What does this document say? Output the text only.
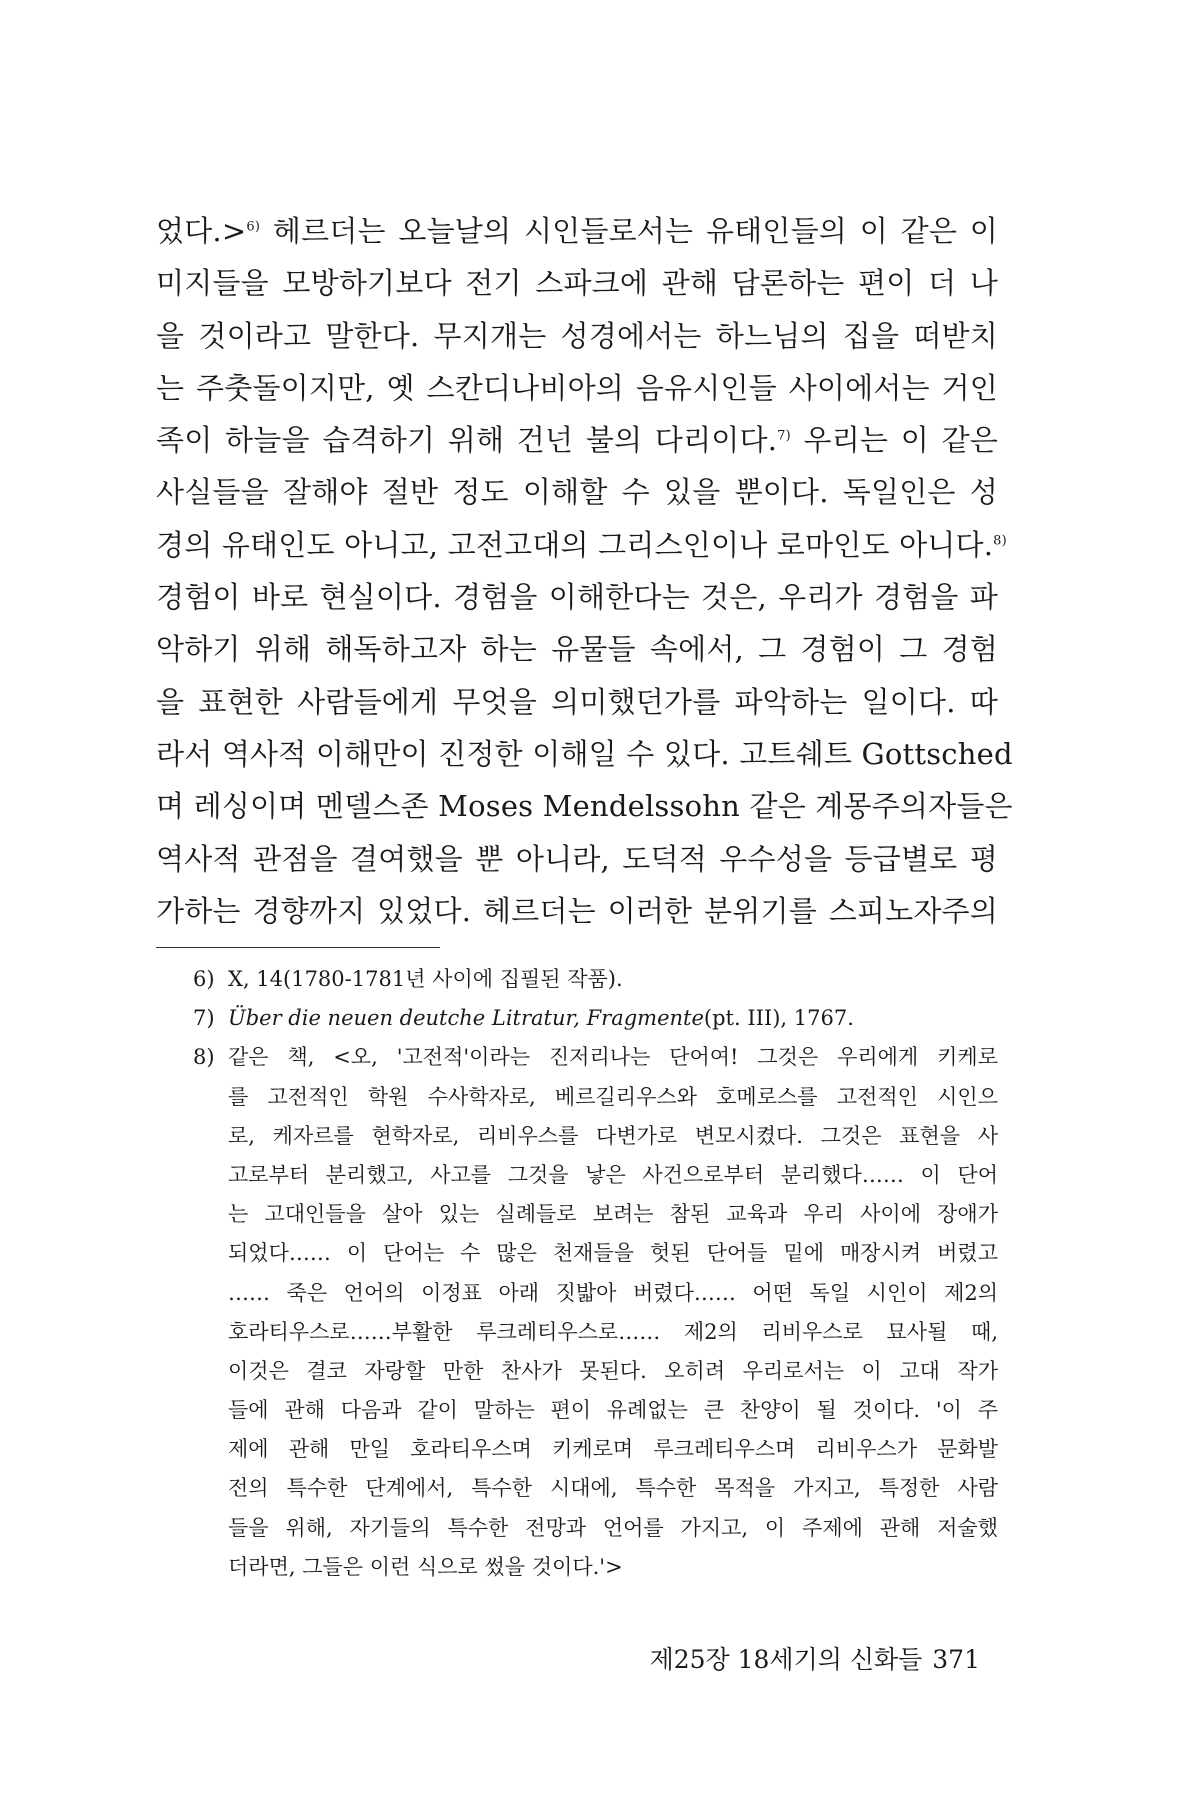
었다.>$^{6)}$ 헤르더는 오늘날의 시인들로서는 유태인들의 이 같은 이
미지들을 모방하기보다 전기 스파크에 관해 담론하는 편이 더 나
을 것이라고 말한다. 무지개는 성경에서는 하느님의 집을 떠받치
는 주춧돌이지만, 옛 스칸디나비아의 음유시인들 사이에서는 거인
족이 하늘을 습격하기 위해 건넌 불의 다리이다.$^{7)}$ 우리는 이 같은
사실들을 잘해야 절반 정도 이해할 수 있을 뿐이다. 독일인은 성
경의 유태인도 아니고, 고전고대의 그리스인이나 로마인도 아니다.$^{8)}$
경험이 바로 현실이다. 경험을 이해한다는 것은, 우리가 경험을 파
악하기 위해 해독하고자 하는 유물들 속에서, 그 경험이 그 경험
을 표현한 사람들에게 무엇을 의미했던가를 파악하는 일이다. 따
라서 역사적 이해만이 진정한 이해일 수 있다. 고트쉐트 Gottsched
며 레싱이며 멘델스존 Moses Mendelssohn 같은 계몽주의자들은
역사적 관점을 결여했을 뿐 아니라, 도덕적 우수성을 등급별로 평
가하는 경향까지 있었다. 헤르더는 이러한 분위기를 스피노자주의
6) X, 14(1780-1781년 사이에 집필된 작품).
7) Über die neuen deutche Litratur, Fragmente(pt. III), 1767.
8) 같은 책, <오, '고전적'이라는 진저리나는 단어여! 그것은 우리에게 키케로
를 고전적인 학원 수사학자로, 베르길리우스와 호메로스를 고전적인 시인으
로, 케자르를 현학자로, 리비우스를 다변가로 변모시켰다. 그것은 표현을 사
고로부터 분리했고, 사고를 그것을 낳은 사건으로부터 분리했다…… 이 단어
는 고대인들을 살아 있는 실례들로 보려는 참된 교육과 우리 사이에 장애가
되었다…… 이 단어는 수 많은 천재들을 헛된 단어들 밑에 매장시켜 버렸고
…… 죽은 언어의 이정표 아래 짓밟아 버렸다…… 어떤 독일 시인이 제2의
호라티우스로……부활한 루크레티우스로…… 제2의 리비우스로 묘사될 때,
이것은 결코 자랑할 만한 찬사가 못된다. 오히려 우리로서는 이 고대 작가
들에 관해 다음과 같이 말하는 편이 유례없는 큰 찬양이 될 것이다. '이 주
제에 관해 만일 호라티우스며 키케로며 루크레티우스며 리비우스가 문화발
전의 특수한 단계에서, 특수한 시대에, 특수한 목적을 가지고, 특정한 사람
들을 위해, 자기들의 특수한 전망과 언어를 가지고, 이 주제에 관해 저술했
더라면, 그들은 이런 식으로 썼을 것이다.'>
제25장 18세기의 신화들 371
